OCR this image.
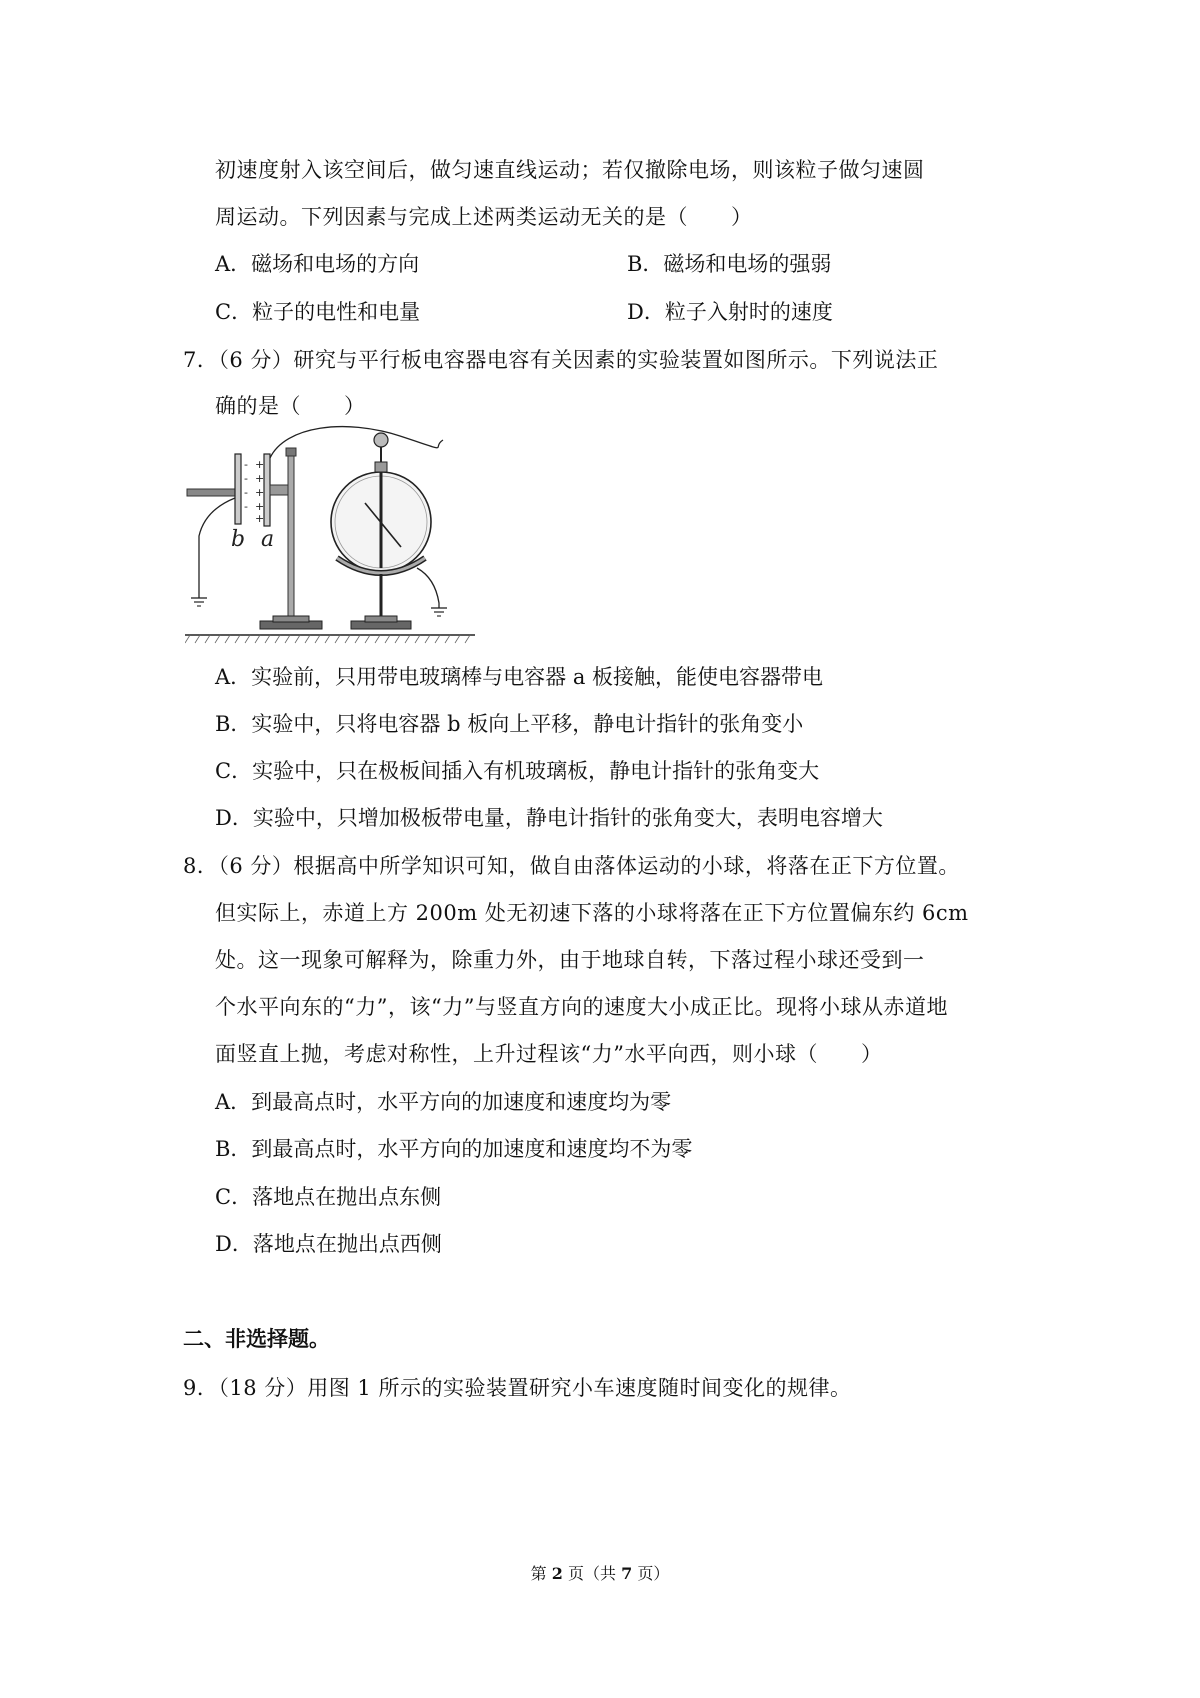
初速度射入该空间后，做匀速直线运动；若仅撤除电场，则该粒子做匀速圆
周运动。下列因素与完成上述两类运动无关的是（　　）
A．磁场和电场的方向	B．磁场和电场的强弱
C．粒子的电性和电量	D．粒子入射时的速度
7．（6 分）研究与平行板电容器电容有关因素的实验装置如图所示。下列说法正
确的是（　　）
-
-
-
-
+
+
+
+
+
b a
A．实验前，只用带电玻璃棒与电容器 a 板接触，能使电容器带电
B．实验中，只将电容器 b 板向上平移，静电计指针的张角变小
C．实验中，只在极板间插入有机玻璃板，静电计指针的张角变大
D．实验中，只增加极板带电量，静电计指针的张角变大，表明电容增大
8．（6 分）根据高中所学知识可知，做自由落体运动的小球，将落在正下方位置。
但实际上，赤道上方 200m 处无初速下落的小球将落在正下方位置偏东约 6cm
处。这一现象可解释为，除重力外，由于地球自转，下落过程小球还受到一
个水平向东的“力”，该“力”与竖直方向的速度大小成正比。现将小球从赤道地
面竖直上抛，考虑对称性，上升过程该“力”水平向西，则小球（　　）
A．到最高点时，水平方向的加速度和速度均为零
B．到最高点时，水平方向的加速度和速度均不为零
C．落地点在抛出点东侧
D．落地点在抛出点西侧
二、非选择题。
9．（18 分）用图 1 所示的实验装置研究小车速度随时间变化的规律。
第 2 页（共 7 页）
